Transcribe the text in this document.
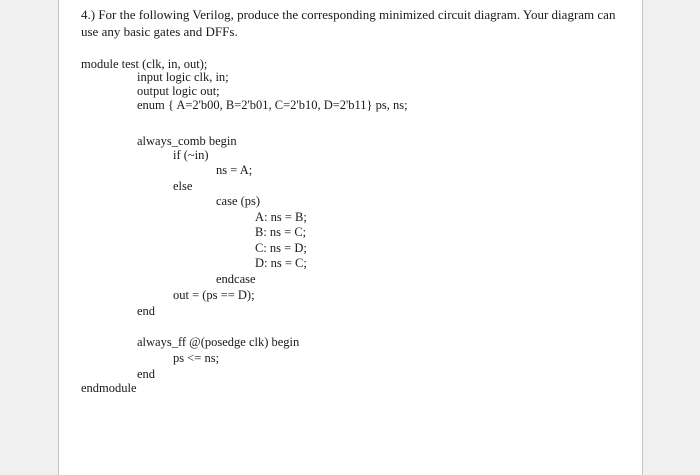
4.) For the following Verilog, produce the corresponding minimized circuit diagram. Your diagram can use any basic gates and DFFs.

module test (clk, in, out);
input logic clk, in;
output logic out;
enum { A=2'b00, B=2'b01, C=2'b10, D=2'b11} ps, ns;
always_comb begin
if (~in)
ns = A;
else
case (ps)
A: ns = B;
B: ns = C;
C: ns = D;
D: ns = C;
endcase
out = (ps == D);
end
always_ff @(posedge clk) begin
ps <= ns;
end
endmodule
